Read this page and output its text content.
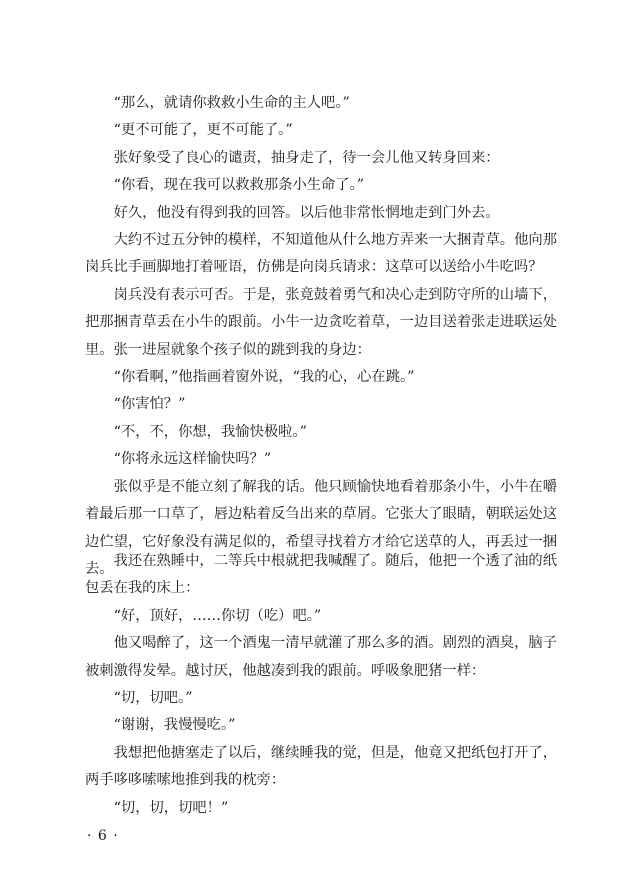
“那么，就请你救救小生命的主人吧。”

“更不可能了，更不可能了。”

张好象受了良心的谴责，抽身走了，待一会儿他又转身回来：

“你看，现在我可以救救那条小生命了。”

好久，他没有得到我的回答。以后他非常怅惘地走到门外去。

大约不过五分钟的模样，不知道他从什么地方弄来一大捆青草。他向那岗兵比手画脚地打着哑语，仿佛是向岗兵请求：这草可以送给小牛吃吗？

岗兵没有表示可否。于是，张竟鼓着勇气和决心走到防守所的山墙下，把那捆青草丢在小牛的跟前。小牛一边贪吃着草，一边目送着张走进联运处里。张一进屋就象个孩子似的跳到我的身边：

“你看啊，”他指画着窗外说，“我的心，心在跳。”

“你害怕？”

“不，不，你想，我愉快极啦。”

“你将永远这样愉快吗？”

张似乎是不能立刻了解我的话。他只顾愉快地看着那条小牛，小牛在嚼着最后那一口草了，唇边粘着反刍出来的草屑。它张大了眼睛，朝联运处这边伫望，它好象没有满足似的，希望寻找着方才给它送草的人，再丢过一捆去。 我还在熟睡中，二等兵中根就把我喊醒了。随后，他把一个透了油的纸包丢在我的床上：

“好，顶好，……你切（吃）吧。”

他又喝醉了，这一个酒鬼一清早就灌了那么多的酒。剧烈的酒臭，脑子被刺激得发晕。越讨厌，他越凑到我的跟前。呼吸象肥猪一样：

“切，切吧。”

“谢谢，我慢慢吃。”

我想把他搪塞走了以后，继续睡我的觉，但是，他竟又把纸包打开了，两手哆哆嗦嗦地推到我的枕旁：

“切，切，切吧！”

· 6 ·
